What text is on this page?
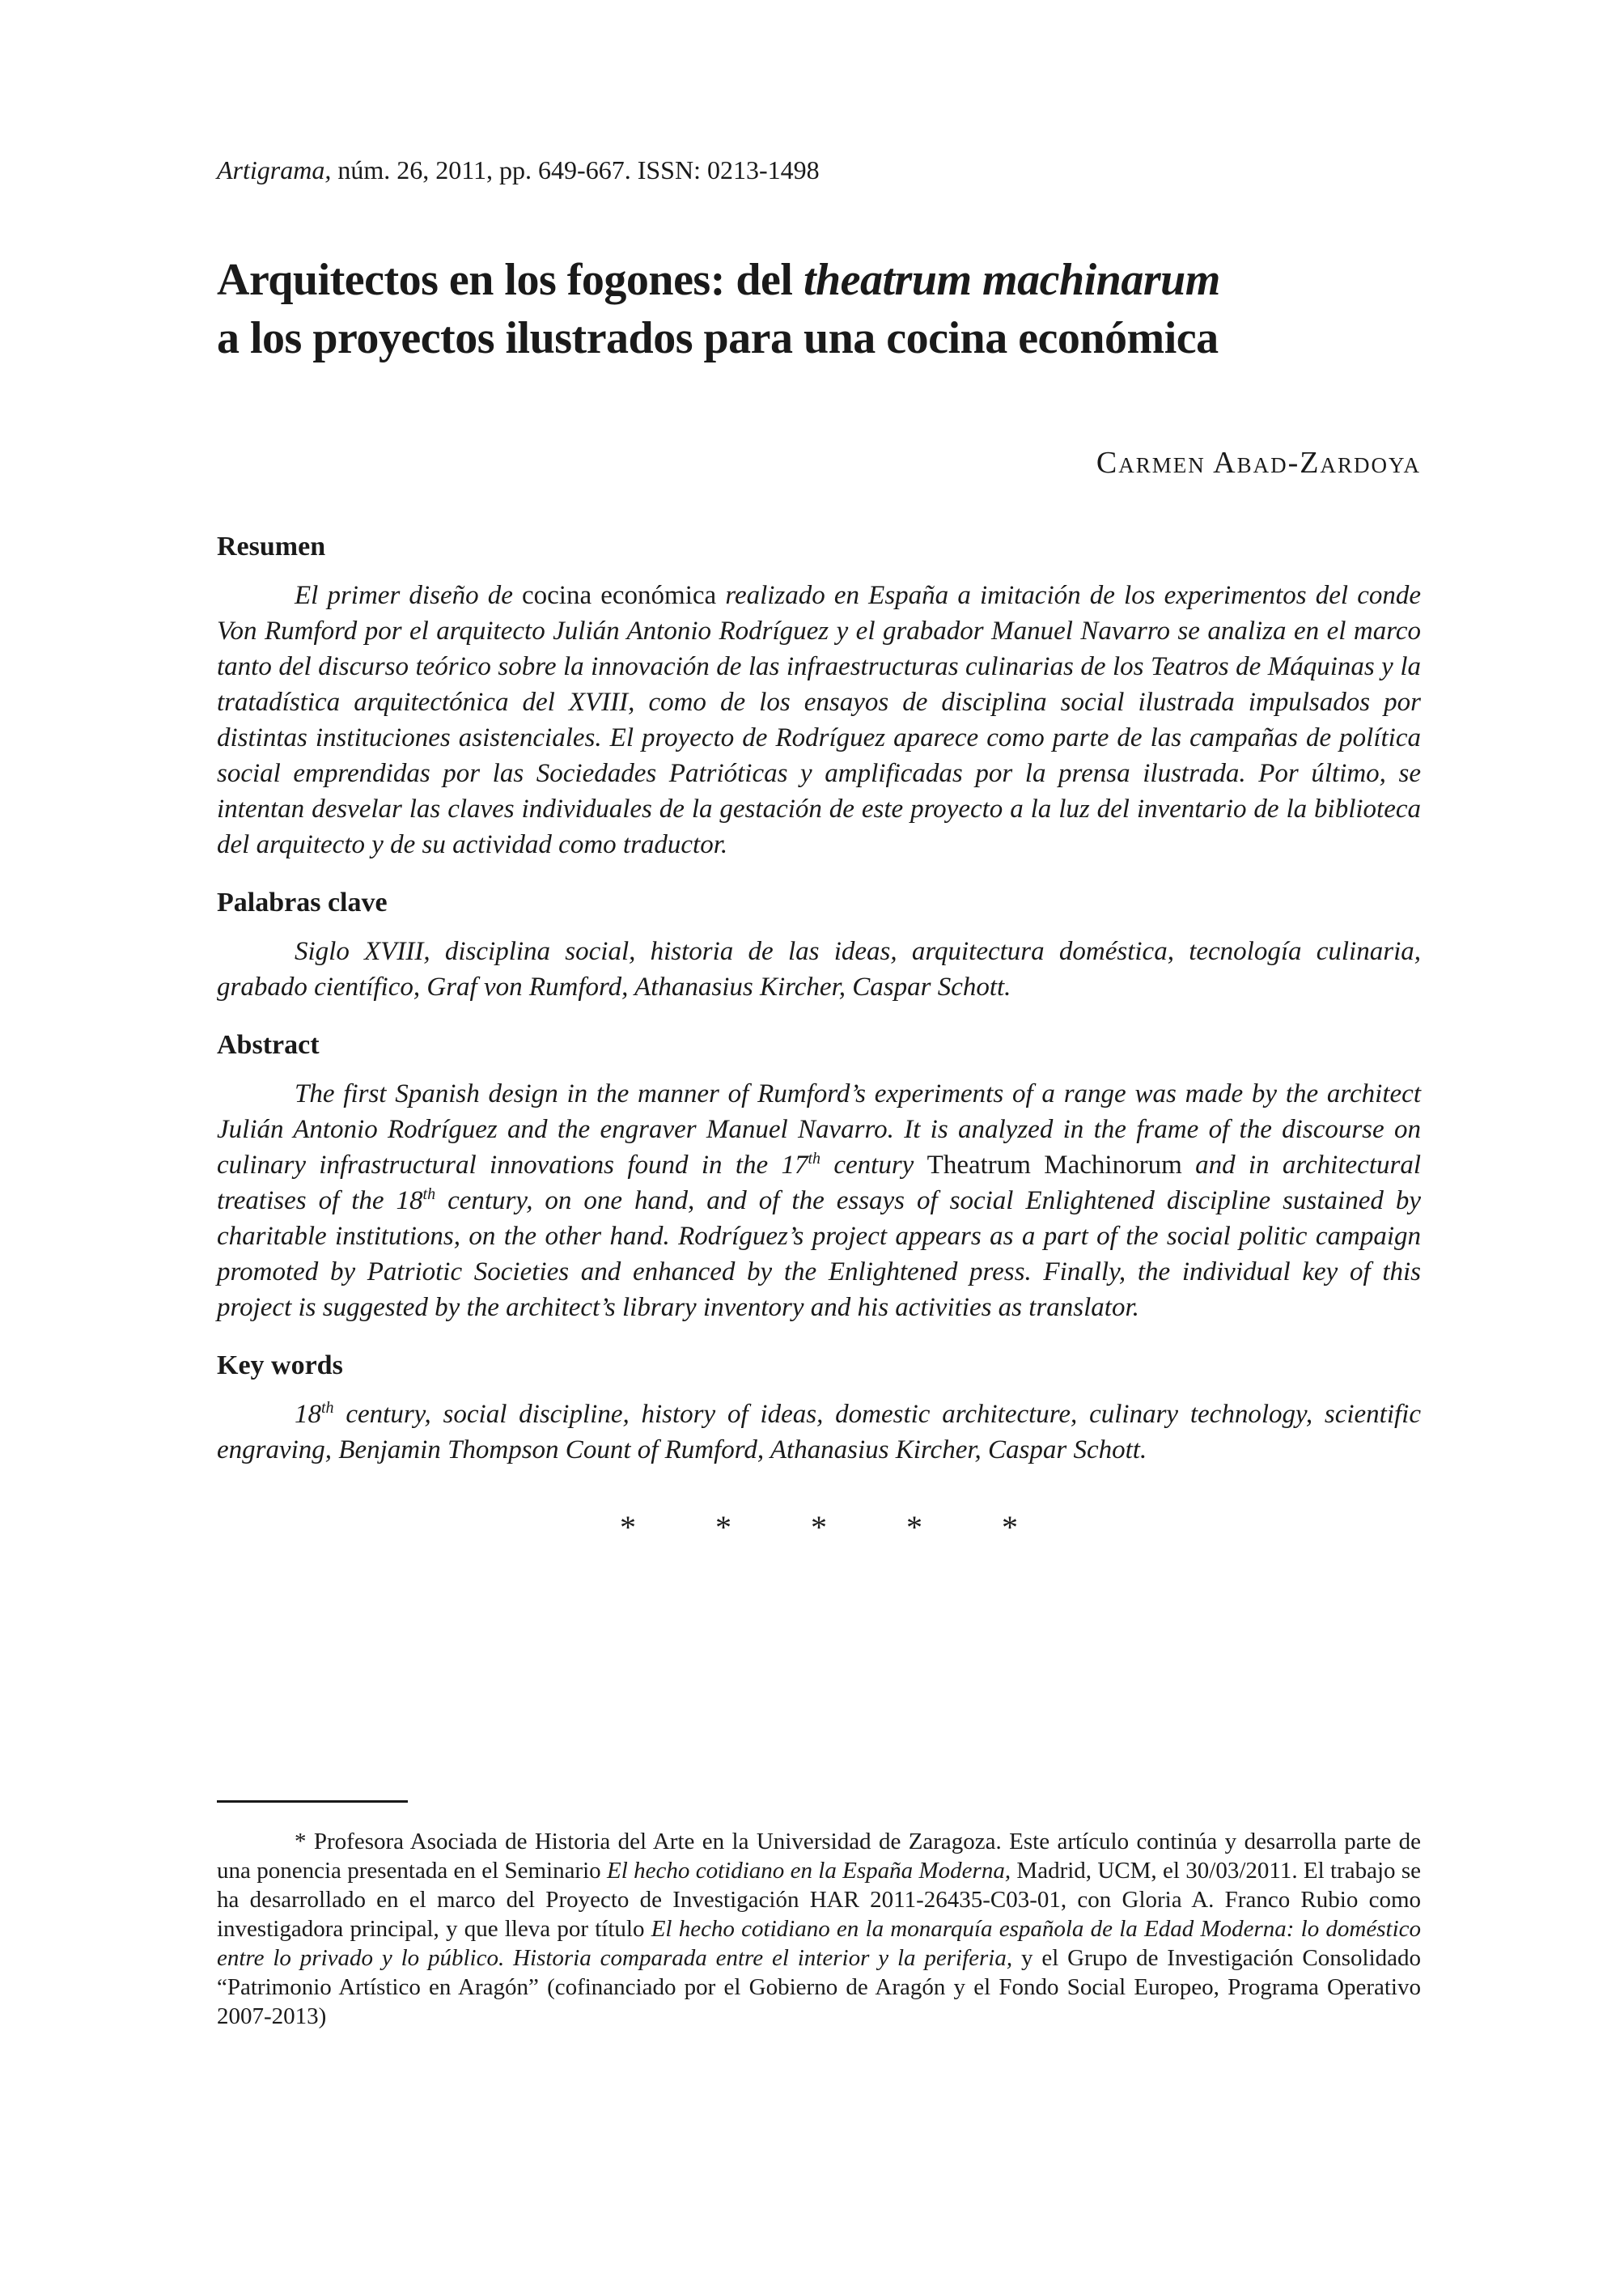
Artigrama, núm. 26, 2011, pp. 649-667. ISSN: 0213-1498

Arquitectos en los fogones: del theatrum machinarum
a los proyectos ilustrados para una cocina económica

Carmen Abad-Zardoya

Resumen

El primer diseño de cocina económica realizado en España a imitación de los experimentos del conde Von Rumford por el arquitecto Julián Antonio Rodríguez y el grabador Manuel Navarro se analiza en el marco tanto del discurso teórico sobre la innovación de las infraestructuras culinarias de los Teatros de Máquinas y la tratadística arquitectónica del XVIII, como de los ensayos de disciplina social ilustrada impulsados por distintas instituciones asistenciales. El proyecto de Rodríguez aparece como parte de las campañas de política social emprendidas por las Sociedades Patrióticas y amplificadas por la prensa ilustrada. Por último, se intentan desvelar las claves individuales de la gestación de este proyecto a la luz del inventario de la biblioteca del arquitecto y de su actividad como traductor.

Palabras clave

Siglo XVIII, disciplina social, historia de las ideas, arquitectura doméstica, tecnología culinaria, grabado científico, Graf von Rumford, Athanasius Kircher, Caspar Schott.

Abstract

The first Spanish design in the manner of Rumford’s experiments of a range was made by the architect Julián Antonio Rodríguez and the engraver Manuel Navarro. It is analyzed in the frame of the discourse on culinary infrastructural innovations found in the 17th century Theatrum Machinorum and in architectural treatises of the 18th century, on one hand, and of the essays of social Enlightened discipline sustained by charitable institutions, on the other hand. Rodríguez’s project appears as a part of the social politic campaign promoted by Patriotic Societies and enhanced by the Enlightened press. Finally, the individual key of this project is suggested by the architect’s library inventory and his activities as translator.

Key words

18th century, social discipline, history of ideas, domestic architecture, culinary technology, scientific engraving, Benjamin Thompson Count of Rumford, Athanasius Kircher, Caspar Schott.

* * * * *

* Profesora Asociada de Historia del Arte en la Universidad de Zaragoza. Este artículo continúa y desarrolla parte de una ponencia presentada en el Seminario El hecho cotidiano en la España Moderna, Madrid, UCM, el 30/03/2011. El trabajo se ha desarrollado en el marco del Proyecto de Investigación HAR 2011-26435-C03-01, con Gloria A. Franco Rubio como investigadora principal, y que lleva por título El hecho cotidiano en la monarquía española de la Edad Moderna: lo doméstico entre lo privado y lo público. Historia comparada entre el interior y la periferia, y el Grupo de Investigación Consolidado “Patrimonio Artístico en Aragón” (cofinanciado por el Gobierno de Aragón y el Fondo Social Europeo, Programa Operativo 2007-2013)
